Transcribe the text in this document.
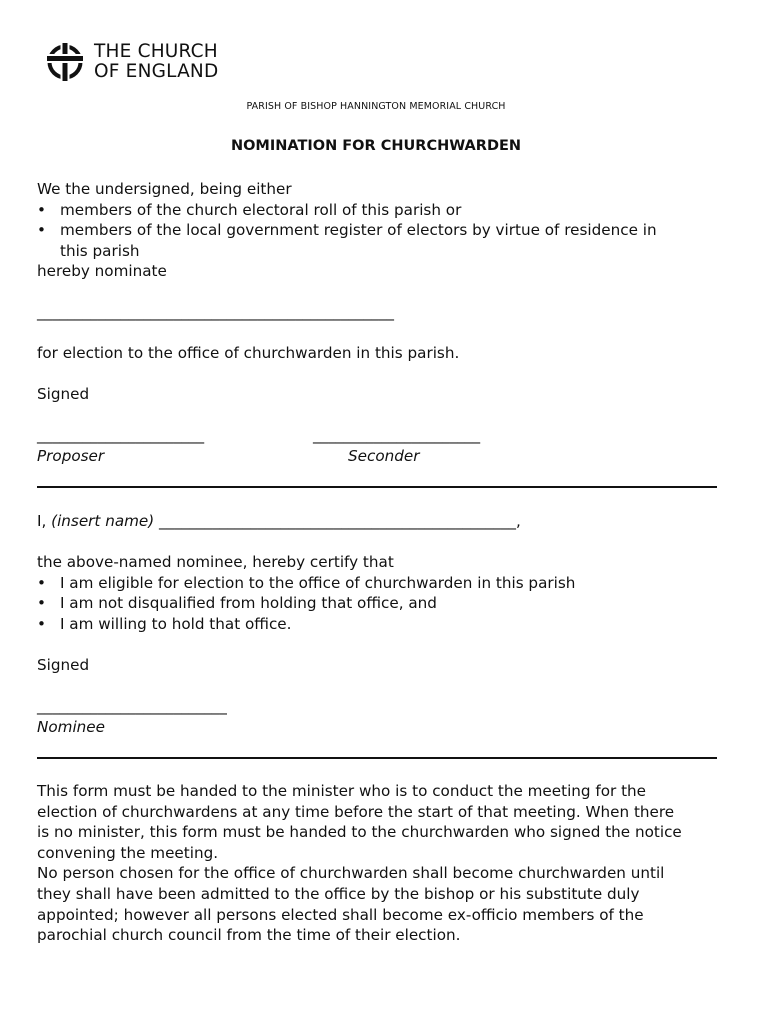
THE CHURCH
OF ENGLAND
PARISH OF BISHOP HANNINGTON MEMORIAL CHURCH
NOMINATION FOR CHURCHWARDEN
We the undersigned, being either
• members of the church electoral roll of this parish or
• members of the local government register of electors by virtue of residence in
this parish
hereby nominate
_______________________________________________
for election to the office of churchwarden in this parish.
Signed
______________________	______________________
Proposer	Seconder
I, (insert name) _______________________________________________,
the above-named nominee, hereby certify that
• I am eligible for election to the office of churchwarden in this parish
• I am not disqualified from holding that office, and
• I am willing to hold that office.
Signed
_________________________
Nominee
This form must be handed to the minister who is to conduct the meeting for the
election of churchwardens at any time before the start of that meeting. When there
is no minister, this form must be handed to the churchwarden who signed the notice
convening the meeting.
No person chosen for the office of churchwarden shall become churchwarden until
they shall have been admitted to the office by the bishop or his substitute duly
appointed; however all persons elected shall become ex-officio members of the
parochial church council from the time of their election.
